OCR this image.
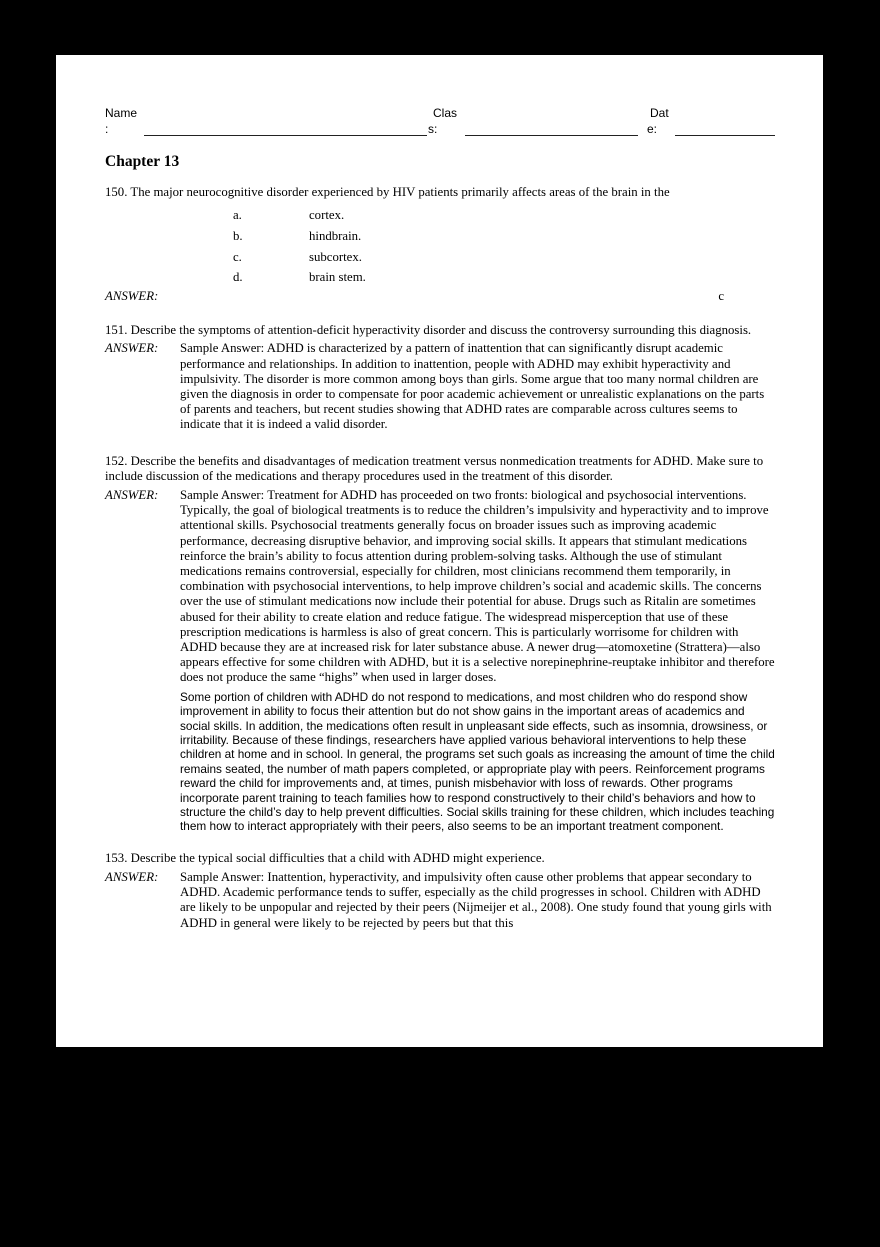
Name
:
Clas
s:
Dat
e:
Chapter 13

150. The major neurocognitive disorder experienced by HIV patients primarily affects areas of the brain in the

a.	cortex.
b.	hindbrain.
c.	subcortex.
d.	brain stem.
ANSWER:	c

151. Describe the symptoms of attention-deficit hyperactivity disorder and discuss the controversy surrounding this diagnosis.

ANSWER:	Sample Answer: ADHD is characterized by a pattern of inattention that can significantly disrupt academic performance and relationships. In addition to inattention, people with ADHD may exhibit hyperactivity and impulsivity. The disorder is more common among boys than girls. Some argue that too many normal children are given the diagnosis in order to compensate for poor academic achievement or unrealistic explanations on the parts of parents and teachers, but recent studies showing that ADHD rates are comparable across cultures seems to indicate that it is indeed a valid disorder.

152. Describe the benefits and disadvantages of medication treatment versus nonmedication treatments for ADHD. Make sure to include discussion of the medications and therapy procedures used in the treatment of this disorder.

ANSWER:	Sample Answer: Treatment for ADHD has proceeded on two fronts: biological and psychosocial interventions. Typically, the goal of biological treatments is to reduce the children’s impulsivity and hyperactivity and to improve attentional skills. Psychosocial treatments generally focus on broader issues such as improving academic performance, decreasing disruptive behavior, and improving social skills. It appears that stimulant medications reinforce the brain’s ability to focus attention during problem-solving tasks. Although the use of stimulant medications remains controversial, especially for children, most clinicians recommend them temporarily, in combination with psychosocial interventions, to help improve children’s social and academic skills. The concerns over the use of stimulant medications now include their potential for abuse. Drugs such as Ritalin are sometimes abused for their ability to create elation and reduce fatigue. The widespread misperception that use of these prescription medications is harmless is also of great concern. This is particularly worrisome for children with ADHD because they are at increased risk for later substance abuse. A newer drug—atomoxetine (Strattera)—also appears effective for some children with ADHD, but it is a selective norepinephrine-reuptake inhibitor and therefore does not produce the same “highs” when used in larger doses.

Some portion of children with ADHD do not respond to medications, and most children who do respond show improvement in ability to focus their attention but do not show gains in the important areas of academics and social skills. In addition, the medications often result in unpleasant side effects, such as insomnia, drowsiness, or irritability. Because of these findings, researchers have applied various behavioral interventions to help these children at home and in school. In general, the programs set such goals as increasing the amount of time the child remains seated, the number of math papers completed, or appropriate play with peers. Reinforcement programs reward the child for improvements and, at times, punish misbehavior with loss of rewards. Other programs incorporate parent training to teach families how to respond constructively to their child’s behaviors and how to structure the child’s day to help prevent difficulties. Social skills training for these children, which includes teaching them how to interact appropriately with their peers, also seems to be an important treatment component.

153. Describe the typical social difficulties that a child with ADHD might experience.

ANSWER:	Sample Answer: Inattention, hyperactivity, and impulsivity often cause other problems that appear secondary to ADHD. Academic performance tends to suffer, especially as the child progresses in school. Children with ADHD are likely to be unpopular and rejected by their peers (Nijmeijer et al., 2008). One study found that young girls with ADHD in general were likely to be rejected by peers but that this
